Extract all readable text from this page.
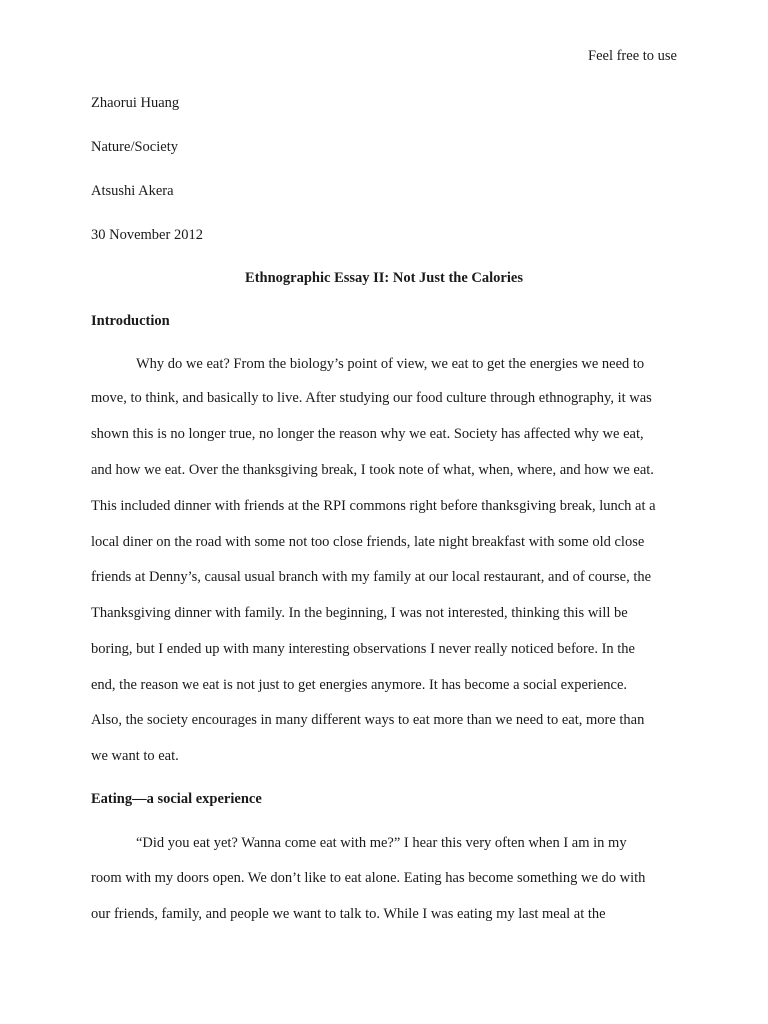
Feel free to use
Zhaorui Huang
Nature/Society
Atsushi Akera
30 November 2012
Ethnographic Essay II: Not Just the Calories
Introduction
Why do we eat? From the biology’s point of view, we eat to get the energies we need to
move, to think, and basically to live. After studying our food culture through ethnography, it was
shown this is no longer true, no longer the reason why we eat. Society has affected why we eat,
and how we eat. Over the thanksgiving break, I took note of what, when, where, and how we eat.
This included dinner with friends at the RPI commons right before thanksgiving break, lunch at a
local diner on the road with some not too close friends, late night breakfast with some old close
friends at Denny’s, causal usual branch with my family at our local restaurant, and of course, the
Thanksgiving dinner with family. In the beginning, I was not interested, thinking this will be
boring, but I ended up with many interesting observations I never really noticed before. In the
end, the reason we eat is not just to get energies anymore. It has become a social experience.
Also, the society encourages in many different ways to eat more than we need to eat, more than
we want to eat.
Eating—a social experience
“Did you eat yet? Wanna come eat with me?” I hear this very often when I am in my
room with my doors open. We don’t like to eat alone. Eating has become something we do with
our friends, family, and people we want to talk to. While I was eating my last meal at the
